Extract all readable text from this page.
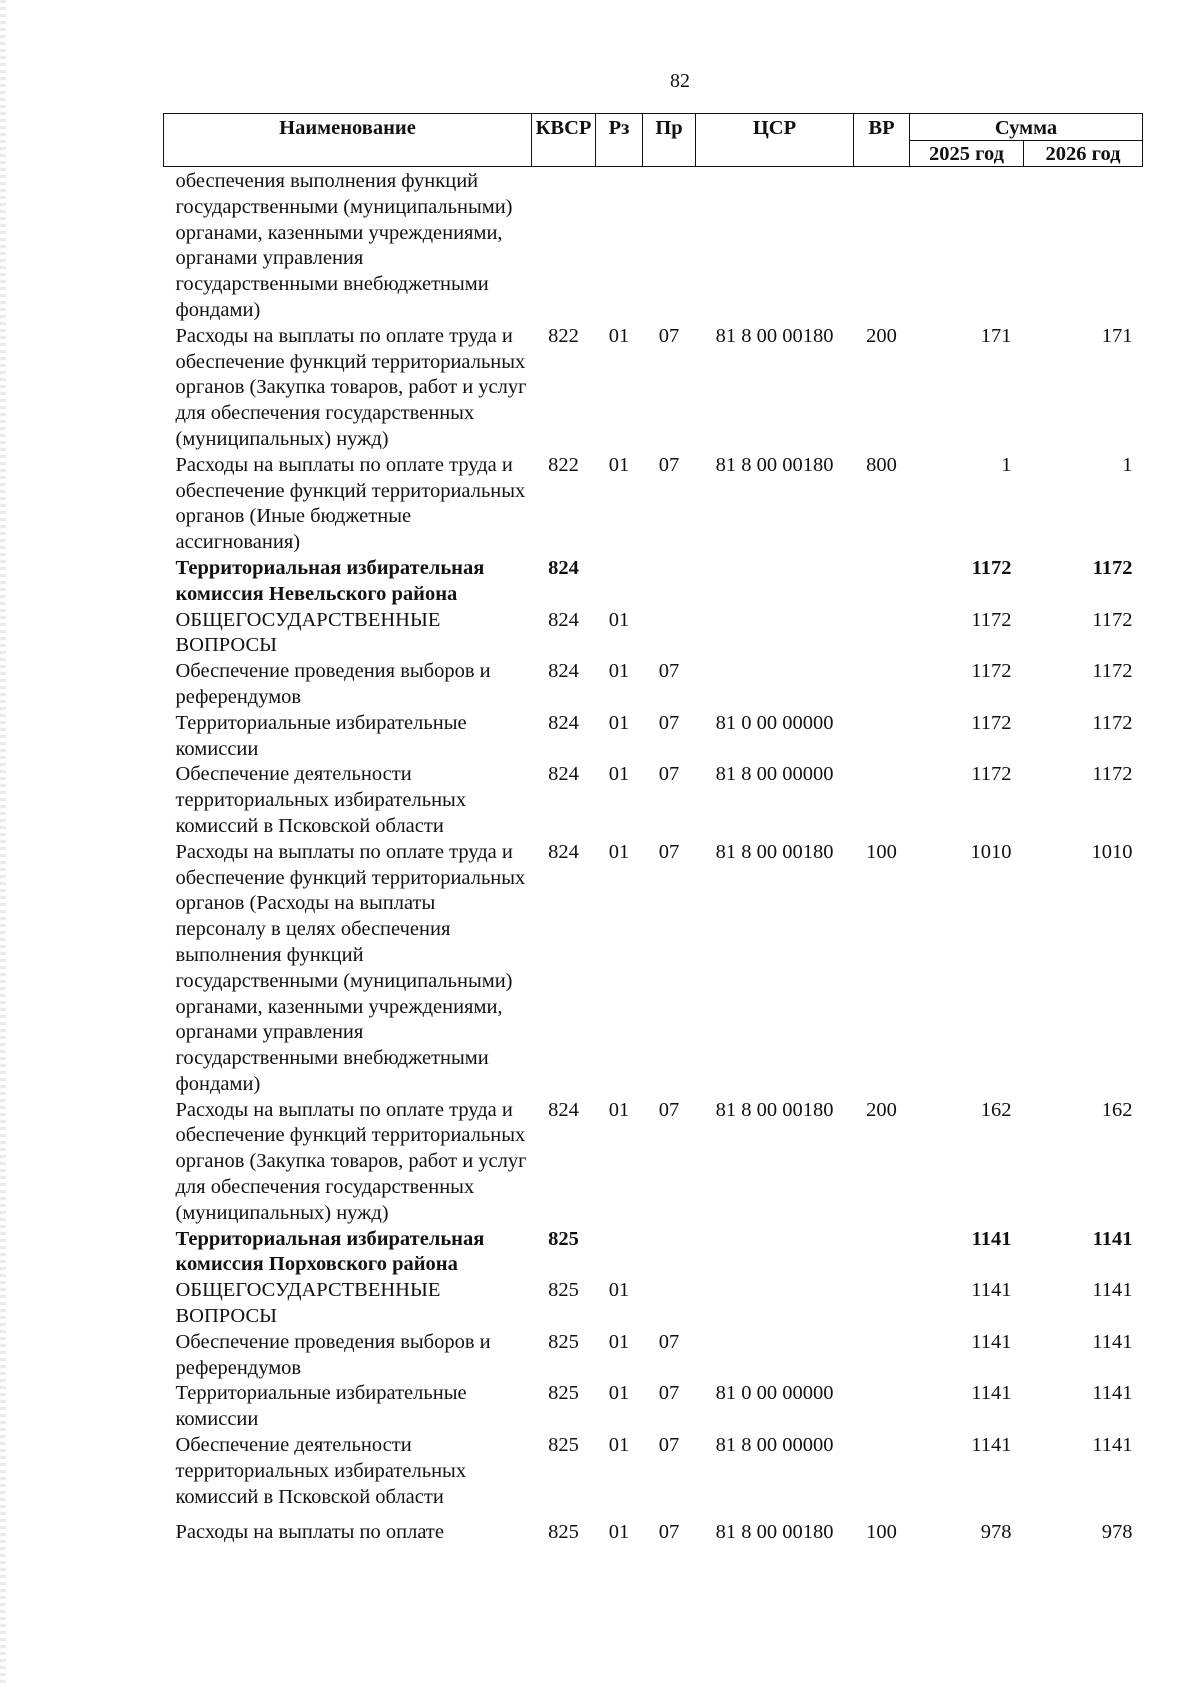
82
Наименование	КВСР	Рз	Пр	ЦСР	ВР	Сумма	
						2025 год	2026 год
обеспечения выполнения функций государственными (муниципальными) органами, казенными учреждениями, органами управления государственными внебюджетными фондами)							
Расходы на выплаты по оплате труда и обеспечение функций территориальных органов (Закупка товаров, работ и услуг для обеспечения государственных (муниципальных) нужд)	822	01	07	81 8 00 00180	200	171	171
Расходы на выплаты по оплате труда и обеспечение функций территориальных органов (Иные бюджетные ассигнования)	822	01	07	81 8 00 00180	800	1	1
Территориальная избирательная комиссия Невельского района	824					1172	1172
ОБЩЕГОСУДАРСТВЕННЫЕ ВОПРОСЫ	824	01				1172	1172
Обеспечение проведения выборов и референдумов	824	01	07			1172	1172
Территориальные избирательные комиссии	824	01	07	81 0 00 00000		1172	1172
Обеспечение деятельности территориальных избирательных комиссий в Псковской области	824	01	07	81 8 00 00000		1172	1172
Расходы на выплаты по оплате труда и обеспечение функций территориальных органов (Расходы на выплаты персоналу в целях обеспечения выполнения функций государственными (муниципальными) органами, казенными учреждениями, органами управления государственными внебюджетными фондами)	824	01	07	81 8 00 00180	100	1010	1010
Расходы на выплаты по оплате труда и обеспечение функций территориальных органов (Закупка товаров, работ и услуг для обеспечения государственных (муниципальных) нужд)	824	01	07	81 8 00 00180	200	162	162
Территориальная избирательная комиссия Порховского района	825					1141	1141
ОБЩЕГОСУДАРСТВЕННЫЕ ВОПРОСЫ	825	01				1141	1141
Обеспечение проведения выборов и референдумов	825	01	07			1141	1141
Территориальные избирательные комиссии	825	01	07	81 0 00 00000		1141	1141
Обеспечение деятельности территориальных избирательных комиссий в Псковской области	825	01	07	81 8 00 00000		1141	1141
Расходы на выплаты по оплате	825	01	07	81 8 00 00180	100	978	978
